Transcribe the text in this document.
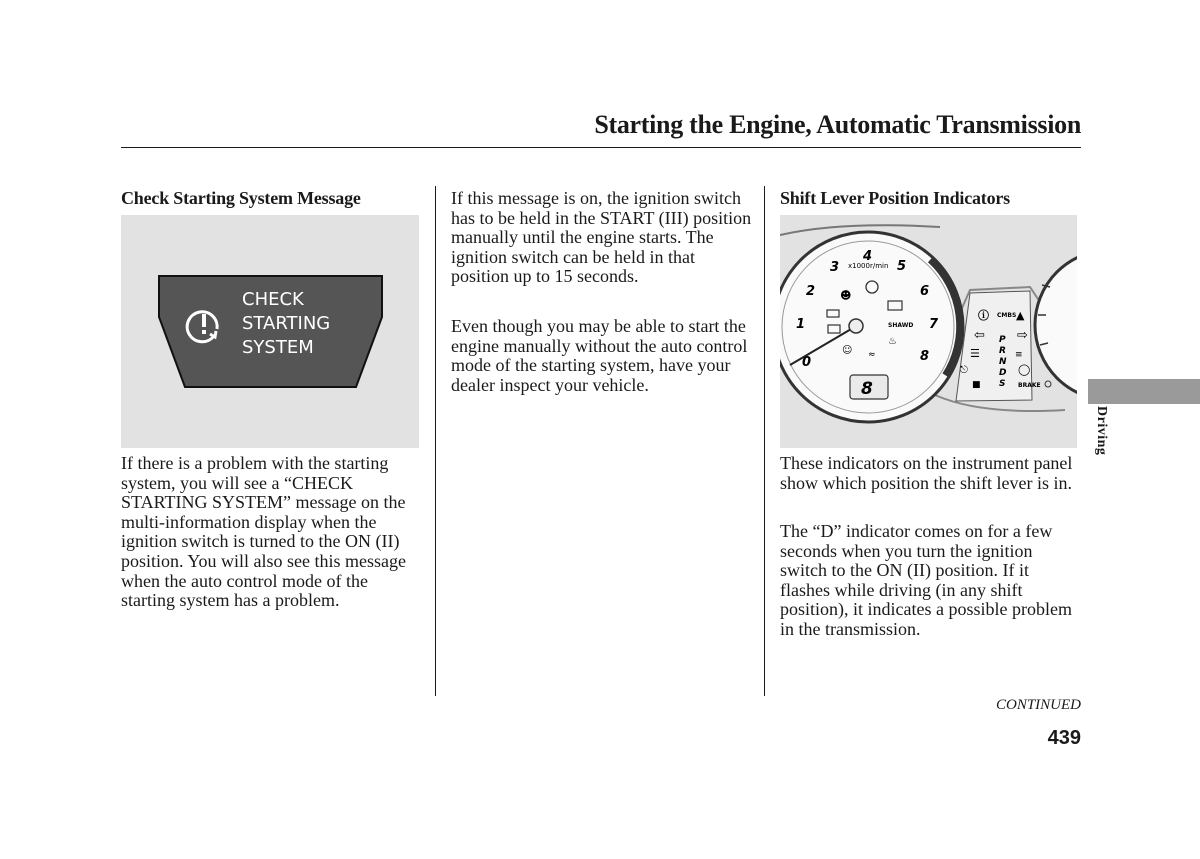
Starting the Engine, Automatic Transmission
Check Starting System Message
CHECK
STARTING
SYSTEM

If there is a problem with the starting system, you will see a “CHECK STARTING SYSTEM” message on the multi-information display when the ignition switch is turned to the ON (II) position. You will also see this message when the auto control mode of the starting system has a problem.

If this message is on, the ignition switch has to be held in the START (III) position manually until the engine starts. The ignition switch can be held in that position up to 15 seconds.

Even though you may be able to start the engine manually without the auto control mode of the starting system, have your dealer inspect your vehicle.

Shift Lever Position Indicators
0
1
2
3
4
5
6
7
8
x1000r/min
☻
SHAWD
♨
☺ ≈
8
ⓘ CMBS ▲
⇦ ⇨
P
R
N
D
S
☰	≡
⎋	◯
■	BRAKE

These indicators on the instrument panel show which position the shift lever is in.

The “D” indicator comes on for a few seconds when you turn the ignition switch to the ON (II) position. If it flashes while driving (in any shift position), it indicates a possible problem in the transmission.

Driving
CONTINUED
439
